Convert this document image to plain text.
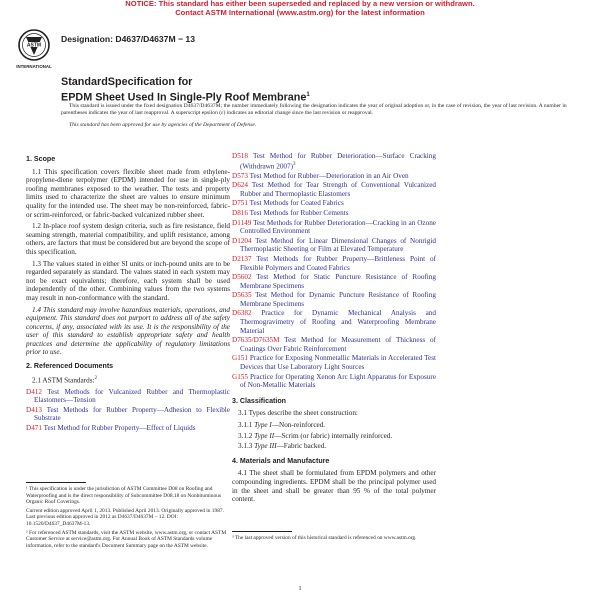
NOTICE: This standard has either been superseded and replaced by a new version or withdrawn.
Contact ASTM International (www.astm.org) for the latest information
ASTM
INTERNATIONAL
Designation: D4637/D4637M − 13
StandardSpecification for
EPDM Sheet Used In Single-Ply Roof Membrane$^1$

This standard is issued under the fixed designation D4637/D4637M; the number immediately following the designation indicates the year of original adoption or, in the case of revision, the year of last revision. A number in parentheses indicates the year of last reapproval. A superscript epsilon (ε) indicates an editorial change since the last revision or reapproval.

This standard has been approved for use by agencies of the Department of Defense.

1. Scope

1.1 This specification covers flexible sheet made from ethylene-propylene-diene terpolymer (EPDM) intended for use in single-ply roofing membranes exposed to the weather. The tests and property limits used to characterize the sheet are values to ensure minimum quality for the intended use. The sheet may be non-reinforced, fabric- or scrim-reinforced, or fabric-backed vulcanized rubber sheet.

1.2 In-place roof system design criteria, such as fire resistance, field seaming strength, material compatibility, and uplift resistance, among others, are factors that must be considered but are beyond the scope of this specification.

1.3 The values stated in either SI units or inch-pound units are to be regarded separately as standard. The values stated in each system may not be exact equivalents; therefore, each system shall be used independently of the other. Combining values from the two systems may result in non-conformance with the standard.

1.4 This standard may involve hazardous materials, operations, and equipment. This standard does not purport to address all of the safety concerns, if any, associated with its use. It is the responsibility of the user of this standard to establish appropriate safety and health practices and determine the applicability of regulatory limitations prior to use.

2. Referenced Documents

2.1 ASTM Standards:$^2$

D412 Test Methods for Vulcanized Rubber and Thermoplastic Elastomers—Tension
D413 Test Methods for Rubber Property—Adhesion to Flexible Substrate
D471 Test Method for Rubber Property—Effect of Liquids

¹ This specification is under the jurisdiction of ASTM Committee D08 on Roofing and Waterproofing and is the direct responsibility of Subcommittee D08.18 on Nonbituminous Organic Roof Coverings.

Current edition approved April 1, 2013. Published April 2013. Originally approved in 1987. Last previous edition approved in 2012 as D4637/D4637M – 12. DOI: 10.1520/D4637_D4637M-13.

² For referenced ASTM standards, visit the ASTM website, www.astm.org, or contact ASTM Customer Service at service@astm.org. For Annual Book of ASTM Standards volume information, refer to the standard's Document Summary page on the ASTM website.

D518 Test Method for Rubber Deterioration—Surface Cracking (Withdrawn 2007)$^3$
D573 Test Method for Rubber—Deterioration in an Air Oven
D624 Test Method for Tear Strength of Conventional Vulcanized Rubber and Thermoplastic Elastomers
D751 Test Methods for Coated Fabrics
D816 Test Methods for Rubber Cements
D1149 Test Methods for Rubber Deterioration—Cracking in an Ozone Controlled Environment
D1204 Test Method for Linear Dimensional Changes of Nonrigid Thermoplastic Sheeting or Film at Elevated Temperature
D2137 Test Methods for Rubber Property—Brittleness Point of Flexible Polymers and Coated Fabrics
D5602 Test Method for Static Puncture Resistance of Roofing Membrane Specimens
D5635 Test Method for Dynamic Puncture Resistance of Roofing Membrane Specimens
D6382 Practice for Dynamic Mechanical Analysis and Thermogravimetry of Roofing and Waterproofing Membrane Material
D7635/D7635M Test Method for Measurement of Thickness of Coatings Over Fabric Reinforcement
G151 Practice for Exposing Nonmetallic Materials in Accelerated Test Devices that Use Laboratory Light Sources
G155 Practice for Operating Xenon Arc Light Apparatus for Exposure of Non-Metallic Materials
3. Classification

3.1 Types describe the sheet construction:

3.1.1 Type I—Non-reinforced.
3.1.2 Type II—Scrim (or fabric) internally reinforced.
3.1.3 Type III—Fabric backed.
4. Materials and Manufacture

4.1 The sheet shall be formulated from EPDM polymers and other compounding ingredients. EPDM shall be the principal polymer used in the sheet and shall be greater than 95 % of the total polymer content.

³ The last approved version of this historical standard is referenced on www.astm.org.

1
